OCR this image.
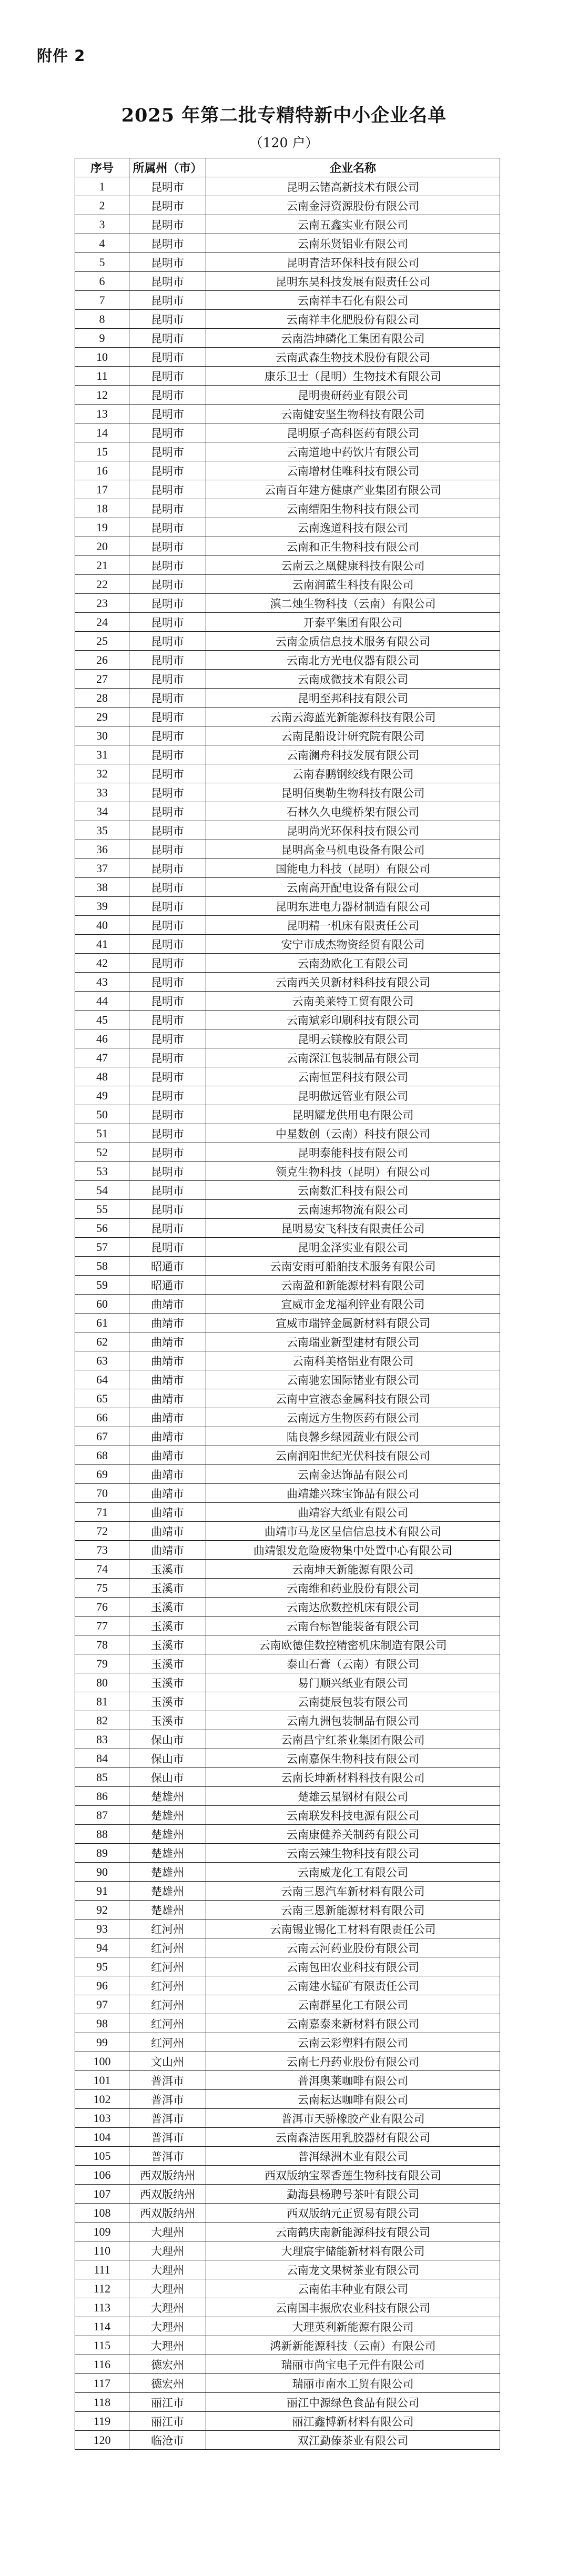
附件 2
2025 年第二批专精特新中小企业名单
（120 户）
序号	所属州（市）	企业名称
1	昆明市	昆明云锗高新技术有限公司
2	昆明市	云南金浔资源股份有限公司
3	昆明市	云南五鑫实业有限公司
4	昆明市	云南乐贤铝业有限公司
5	昆明市	昆明青洁环保科技有限公司
6	昆明市	昆明东昊科技发展有限责任公司
7	昆明市	云南祥丰石化有限公司
8	昆明市	云南祥丰化肥股份有限公司
9	昆明市	云南浩坤磷化工集团有限公司
10	昆明市	云南武森生物技术股份有限公司
11	昆明市	康乐卫士（昆明）生物技术有限公司
12	昆明市	昆明贵研药业有限公司
13	昆明市	云南健安坚生物科技有限公司
14	昆明市	昆明原子高科医药有限公司
15	昆明市	云南道地中药饮片有限公司
16	昆明市	云南增材佳唯科技有限公司
17	昆明市	云南百年建方健康产业集团有限公司
18	昆明市	云南缙阳生物科技有限公司
19	昆明市	云南逸道科技有限公司
20	昆明市	云南和正生物科技有限公司
21	昆明市	云南云之凰健康科技有限公司
22	昆明市	云南润蓝生科技有限公司
23	昆明市	滇二烛生物科技（云南）有限公司
24	昆明市	开泰平集团有限公司
25	昆明市	云南金质信息技术服务有限公司
26	昆明市	云南北方光电仪器有限公司
27	昆明市	云南成微技术有限公司
28	昆明市	昆明至邦科技有限公司
29	昆明市	云南云海蓝光新能源科技有限公司
30	昆明市	云南昆船设计研究院有限公司
31	昆明市	云南澜舟科技发展有限公司
32	昆明市	云南春鹏钢绞线有限公司
33	昆明市	昆明佰奥勒生物科技有限公司
34	昆明市	石林久久电缆桥架有限公司
35	昆明市	昆明尚光环保科技有限公司
36	昆明市	昆明高金马机电设备有限公司
37	昆明市	国能电力科技（昆明）有限公司
38	昆明市	云南高开配电设备有限公司
39	昆明市	昆明东进电力器材制造有限公司
40	昆明市	昆明精一机床有限责任公司
41	昆明市	安宁市成杰物资经贸有限公司
42	昆明市	云南劲欧化工有限公司
43	昆明市	云南西关贝新材料科技有限公司
44	昆明市	云南美莱特工贸有限公司
45	昆明市	云南斌彩印刷科技有限公司
46	昆明市	昆明云镁橡胶有限公司
47	昆明市	云南深江包装制品有限公司
48	昆明市	云南恒罡科技有限公司
49	昆明市	昆明傲远管业有限公司
50	昆明市	昆明耀龙供用电有限公司
51	昆明市	中星数创（云南）科技有限公司
52	昆明市	昆明泰能科技有限公司
53	昆明市	领克生物科技（昆明）有限公司
54	昆明市	云南数汇科技有限公司
55	昆明市	云南速邦物流有限公司
56	昆明市	昆明易安飞科技有限责任公司
57	昆明市	昆明金泽实业有限公司
58	昭通市	云南安雨可船舶技术服务有限公司
59	昭通市	云南盈和新能源材料有限公司
60	曲靖市	宣威市金龙福利锌业有限公司
61	曲靖市	宣威市瑞锌金属新材料有限公司
62	曲靖市	云南瑞业新型建材有限公司
63	曲靖市	云南科美格铝业有限公司
64	曲靖市	云南驰宏国际锗业有限公司
65	曲靖市	云南中宣液态金属科技有限公司
66	曲靖市	云南远方生物医药有限公司
67	曲靖市	陆良馨乡绿园蔬业有限公司
68	曲靖市	云南润阳世纪光伏科技有限公司
69	曲靖市	云南金达饰品有限公司
70	曲靖市	曲靖雄兴珠宝饰品有限公司
71	曲靖市	曲靖容大纸业有限公司
72	曲靖市	曲靖市马龙区呈信信息技术有限公司
73	曲靖市	曲靖银发危险废物集中处置中心有限公司
74	玉溪市	云南坤天新能源有限公司
75	玉溪市	云南维和药业股份有限公司
76	玉溪市	云南达欣数控机床有限公司
77	玉溪市	云南台标智能装备有限公司
78	玉溪市	云南欧德佳数控精密机床制造有限公司
79	玉溪市	泰山石膏（云南）有限公司
80	玉溪市	易门顺兴纸业有限公司
81	玉溪市	云南捷辰包装有限公司
82	玉溪市	云南九洲包装制品有限公司
83	保山市	云南昌宁红茶业集团有限公司
84	保山市	云南嘉保生物科技有限公司
85	保山市	云南长坤新材料科技有限公司
86	楚雄州	楚雄云星钢材有限公司
87	楚雄州	云南联发科技电源有限公司
88	楚雄州	云南康健养关制药有限公司
89	楚雄州	云南云辣生物科技有限公司
90	楚雄州	云南威龙化工有限公司
91	楚雄州	云南三恩汽车新材料有限公司
92	楚雄州	云南三恩新能源材料有限公司
93	红河州	云南锡业锡化工材料有限责任公司
94	红河州	云南云河药业股份有限公司
95	红河州	云南包田农业科技有限公司
96	红河州	云南建水锰矿有限责任公司
97	红河州	云南群星化工有限公司
98	红河州	云南嘉泰来新材料有限公司
99	红河州	云南云彩塑料有限公司
100	文山州	云南七丹药业股份有限公司
101	普洱市	普洱奥莱咖啡有限公司
102	普洱市	云南耘达咖啡有限公司
103	普洱市	普洱市天骄橡胶产业有限公司
104	普洱市	云南森洁医用乳胶器材有限公司
105	普洱市	普洱绿洲木业有限公司
106	西双版纳州	西双版纳宝翠香莲生物科技有限公司
107	西双版纳州	勐海县杨聘号茶叶有限公司
108	西双版纳州	西双版纳元正贸易有限公司
109	大理州	云南鹤庆南新能源科技有限公司
110	大理州	大理宸宇储能新材料有限公司
111	大理州	云南龙文果树茶业有限公司
112	大理州	云南佑丰种业有限公司
113	大理州	云南国丰振欣农业科技有限公司
114	大理州	大理英利新能源有限公司
115	大理州	鸿新新能源科技（云南）有限公司
116	德宏州	瑞丽市尚宝电子元件有限公司
117	德宏州	瑞丽市南水工贸有限公司
118	丽江市	丽江中源绿色食品有限公司
119	丽江市	丽江鑫博新材料有限公司
120	临沧市	双江勐傣茶业有限公司
